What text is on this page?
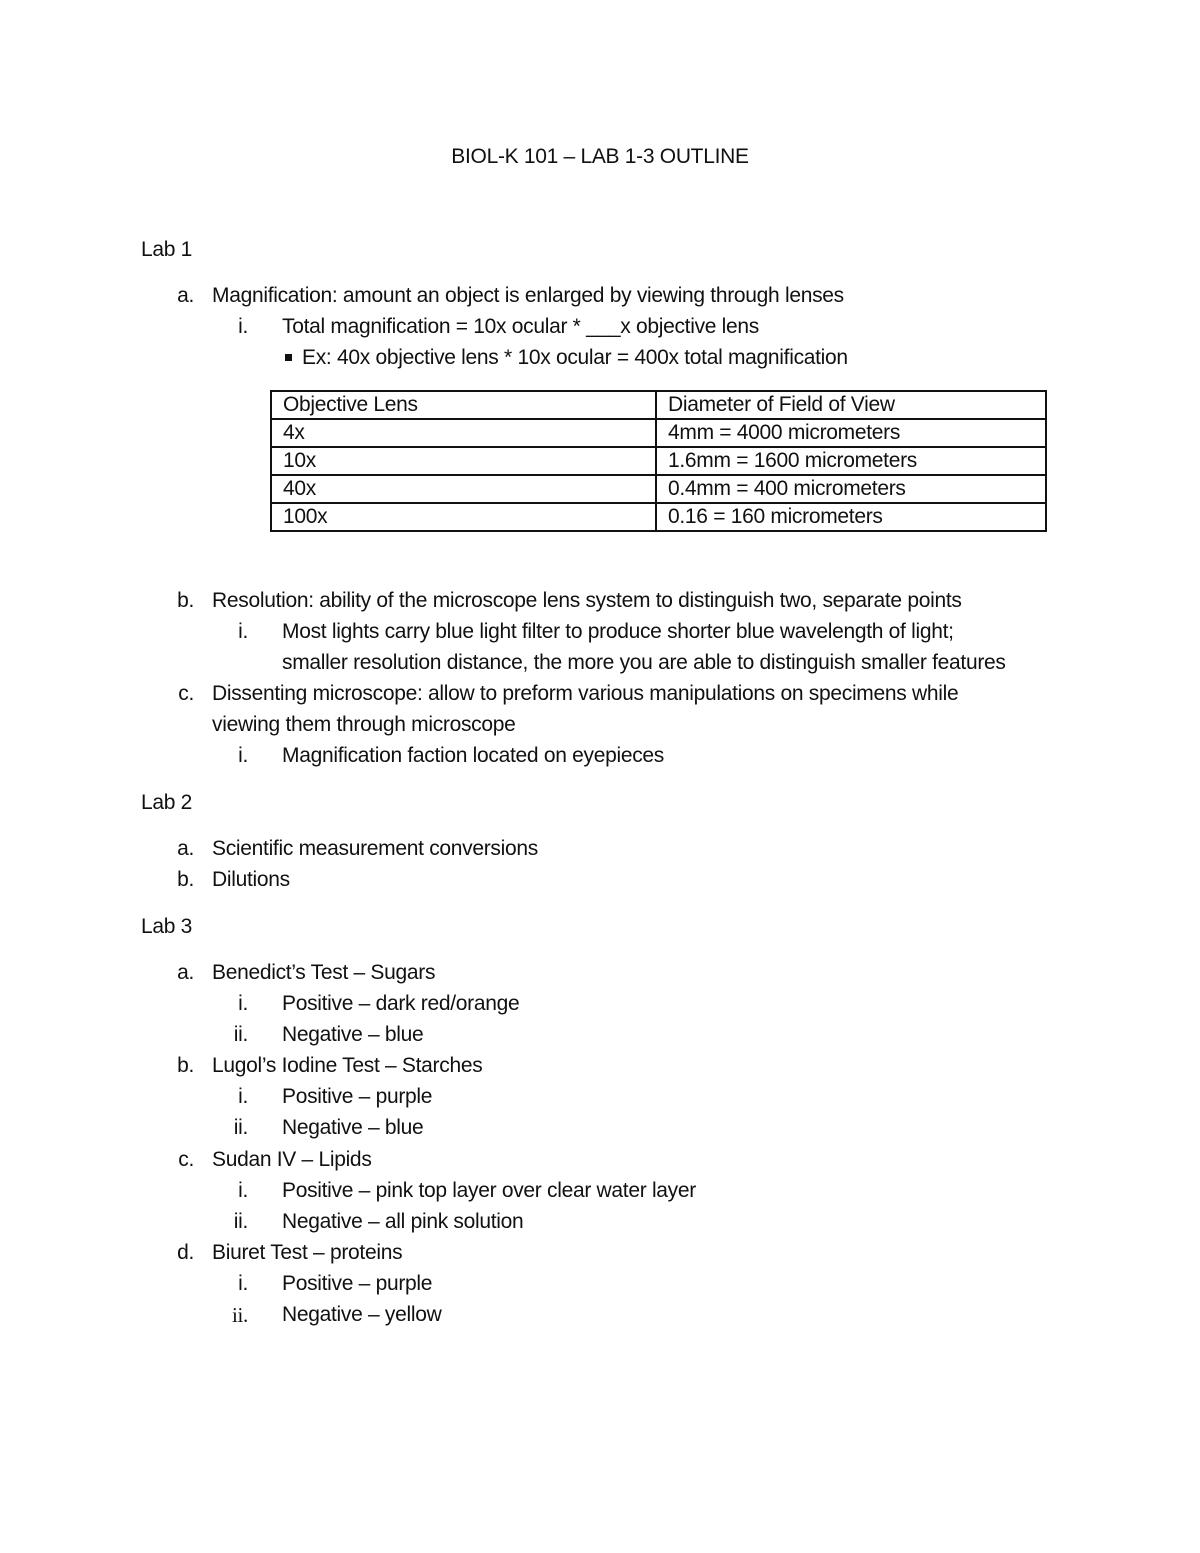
BIOL-K 101 – LAB 1-3 OUTLINE
Lab 1
a. Magnification: amount an object is enlarged by viewing through lenses
i. Total magnification = 10x ocular * ___x objective lens
Ex: 40x objective lens * 10x ocular = 400x total magnification
Objective Lens	Diameter of Field of View
4x	4mm = 4000 micrometers
10x	1.6mm = 1600 micrometers
40x	0.4mm = 400 micrometers
100x	0.16 = 160 micrometers
b. Resolution: ability of the microscope lens system to distinguish two, separate points
i. Most lights carry blue light filter to produce shorter blue wavelength of light;
smaller resolution distance, the more you are able to distinguish smaller features
c. Dissenting microscope: allow to preform various manipulations on specimens while
viewing them through microscope
i. Magnification faction located on eyepieces
Lab 2
a. Scientific measurement conversions
b. Dilutions
Lab 3
a. Benedict’s Test – Sugars
i. Positive – dark red/orange
ii. Negative – blue
b. Lugol’s Iodine Test – Starches
i. Positive – purple
ii. Negative – blue
c. Sudan IV – Lipids
i. Positive – pink top layer over clear water layer
ii. Negative – all pink solution
d. Biuret Test – proteins
i. Positive – purple
ii. Negative – yellow
